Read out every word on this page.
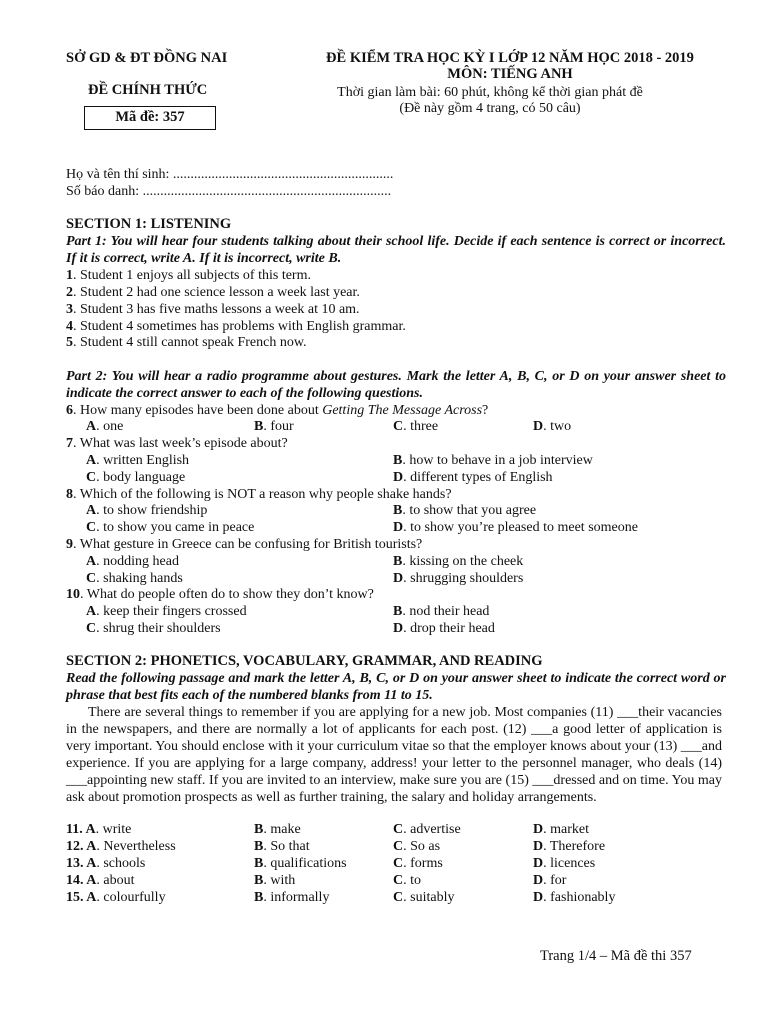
SỞ GD & ĐT ĐỒNG NAI
ĐỀ CHÍNH THỨC
Mã đề: 357
ĐỀ KIỂM TRA HỌC KỲ I LỚP 12 NĂM HỌC 2018 - 2019
MÔN: TIẾNG ANH
Thời gian làm bài: 60 phút, không kể thời gian phát đề
(Đề này gồm 4 trang, có 50 câu)
Họ và tên thí sinh: ...............................................................
Số báo danh: .......................................................................
SECTION 1: LISTENING
Part 1: You will hear four students talking about their school life. Decide if each sentence is correct or incorrect. If it is correct, write A. If it is incorrect, write B.
1. Student 1 enjoys all subjects of this term.
2. Student 2 had one science lesson a week last year.
3. Student 3 has five maths lessons a week at 10 am.
4. Student 4 sometimes has problems with English grammar.
5. Student 4 still cannot speak French now.
Part 2: You will hear a radio programme about gestures. Mark the letter A, B, C, or D on your answer sheet to indicate the correct answer to each of the following questions.
6. How many episodes have been done about Getting The Message Across?
A. one	B. four	C. three	D. two
7. What was last week’s episode about?
A. written English	B. how to behave in a job interview
C. body language	D. different types of English
8. Which of the following is NOT a reason why people shake hands?
A. to show friendship	B. to show that you agree
C. to show you came in peace	D. to show you’re pleased to meet someone
9. What gesture in Greece can be confusing for British tourists?
A. nodding head	B. kissing on the cheek
C. shaking hands	D. shrugging shoulders
10. What do people often do to show they don’t know?
A. keep their fingers crossed	B. nod their head
C. shrug their shoulders	D. drop their head
SECTION 2: PHONETICS, VOCABULARY, GRAMMAR, AND READING
Read the following passage and mark the letter A, B, C, or D on your answer sheet to indicate the correct word or phrase that best fits each of the numbered blanks from 11 to 15.
There are several things to remember if you are applying for a new job. Most companies (11) ___their vacancies in the newspapers, and there are normally a lot of applicants for each post. (12) ___a good letter of application is very important. You should enclose with it your curriculum vitae so that the employer knows about your (13) ___and experience. If you are applying for a large company, address! your letter to the personnel manager, who deals (14) ___appointing new staff. If you are invited to an interview, make sure you are (15) ___dressed and on time. You may ask about promotion prospects as well as further training, the salary and holiday arrangements.
11. A. write	B. make	C. advertise	D. market
12. A. Nevertheless	B. So that	C. So as	D. Therefore
13. A. schools	B. qualifications	C. forms	D. licences
14. A. about	B. with	C. to	D. for
15. A. colourfully	B. informally	C. suitably	D. fashionably
Trang 1/4 – Mã đề thi 357
